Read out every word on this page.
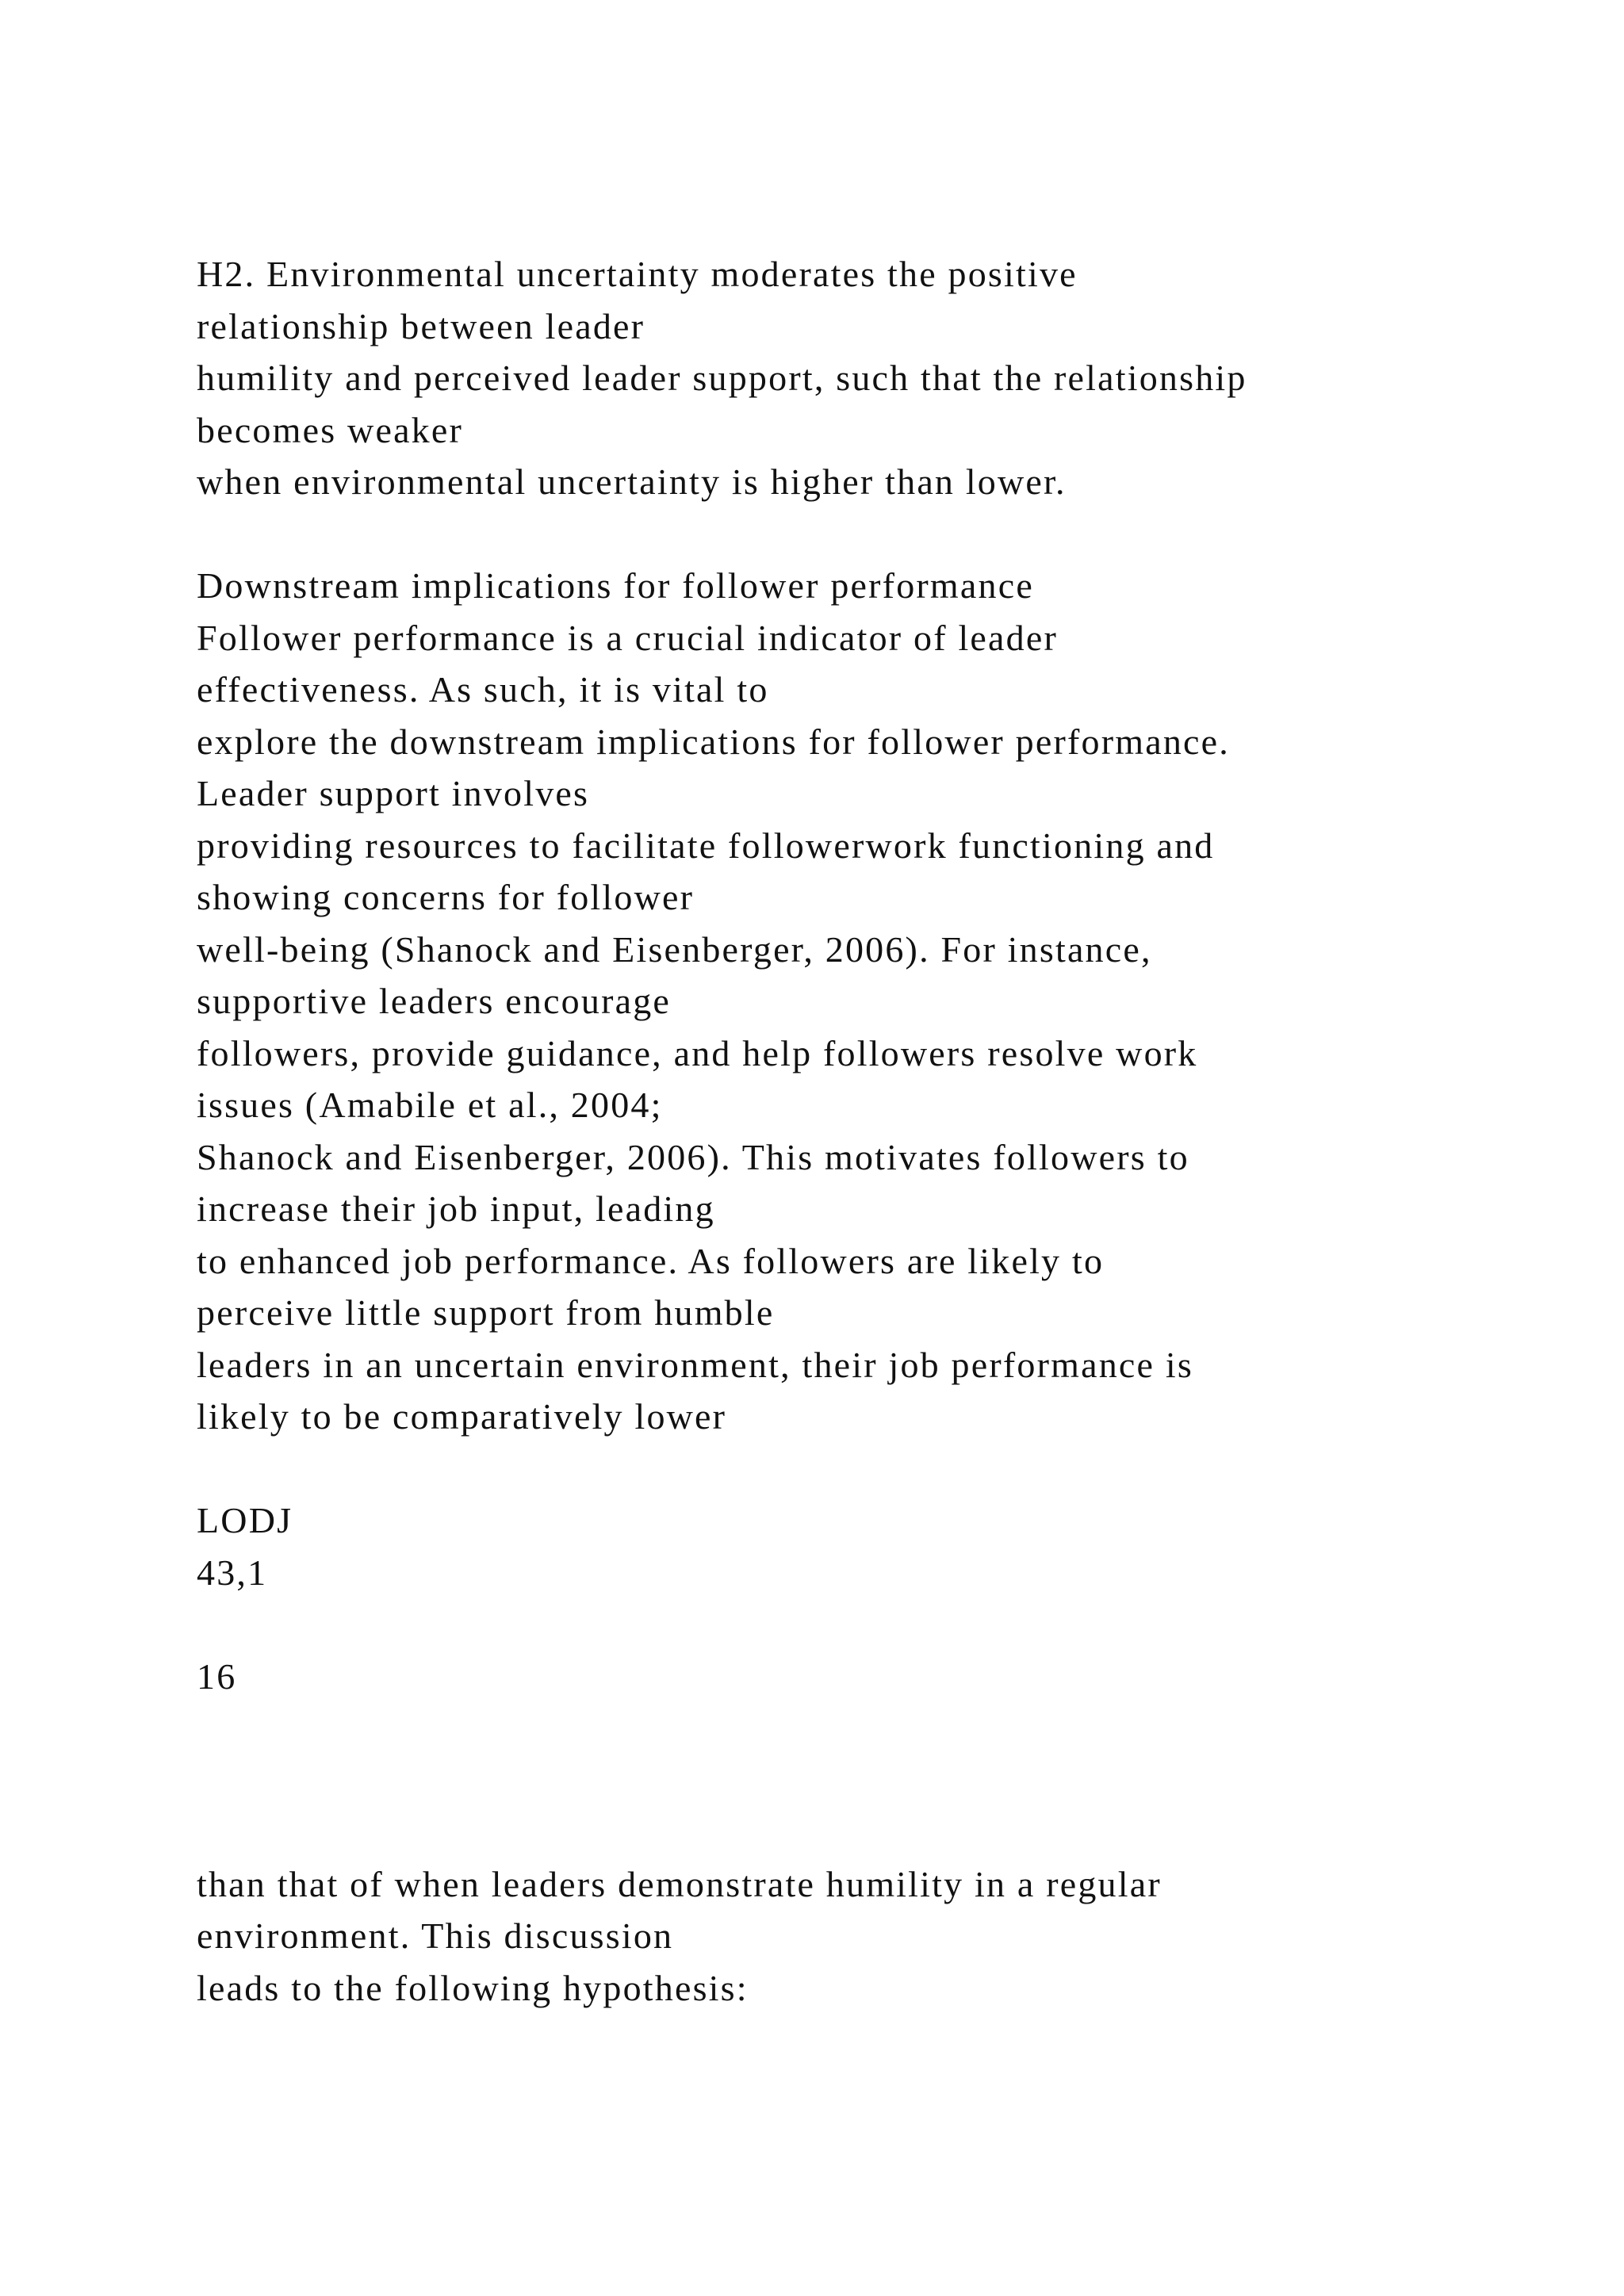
H2. Environmental uncertainty moderates the positive

relationship between leader

humility and perceived leader support, such that the relationship

becomes weaker

when environmental uncertainty is higher than lower.

Downstream implications for follower performance

Follower performance is a crucial indicator of leader

effectiveness. As such, it is vital to

explore the downstream implications for follower performance.

Leader support involves

providing resources to facilitate followerwork functioning and

showing concerns for follower

well-being (Shanock and Eisenberger, 2006). For instance,

supportive leaders encourage

followers, provide guidance, and help followers resolve work

issues (Amabile et al., 2004;

Shanock and Eisenberger, 2006). This motivates followers to

increase their job input, leading

to enhanced job performance. As followers are likely to

perceive little support from humble

leaders in an uncertain environment, their job performance is

likely to be comparatively lower

LODJ

43,1

16

than that of when leaders demonstrate humility in a regular

environment. This discussion

leads to the following hypothesis:
